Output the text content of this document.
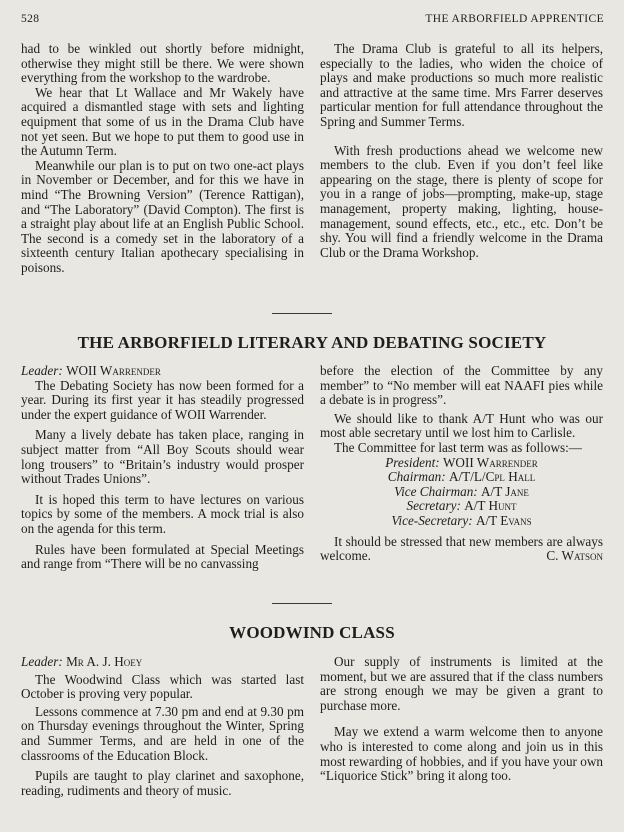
528	THE ARBORFIELD APPRENTICE

had to be winkled out shortly before midnight, otherwise they might still be there. We were shown everything from the workshop to the wardrobe.

We hear that Lt Wallace and Mr Wakely have acquired a dismantled stage with sets and lighting equipment that some of us in the Drama Club have not yet seen. But we hope to put them to good use in the Autumn Term.

Meanwhile our plan is to put on two one-act plays in November or December, and for this we have in mind “The Browning Version” (Terence Rattigan), and “The Laboratory” (David Compton). The first is a straight play about life at an English Public School. The second is a comedy set in the laboratory of a sixteenth century Italian apothecary specialising in poisons.

The Drama Club is grateful to all its helpers, especially to the ladies, who widen the choice of plays and make productions so much more realistic and attractive at the same time. Mrs Farrer deserves particular mention for full attendance throughout the Spring and Summer Terms.

With fresh productions ahead we welcome new members to the club. Even if you don’t feel like appearing on the stage, there is plenty of scope for you in a range of jobs—prompting, make-up, stage management, property making, lighting, house-management, sound effects, etc., etc., etc. Don’t be shy. You will find a friendly welcome in the Drama Club or the Drama Workshop.

THE ARBORFIELD LITERARY AND DEBATING SOCIETY

Leader: WOII Warrender

The Debating Society has now been formed for a year. During its first year it has steadily progressed under the expert guidance of WOII Warrender.

Many a lively debate has taken place, ranging in subject matter from “All Boy Scouts should wear long trousers” to “Britain’s industry would prosper without Trades Unions”.

It is hoped this term to have lectures on various topics by some of the members. A mock trial is also on the agenda for this term.

Rules have been formulated at Special Meetings and range from “There will be no canvassing

before the election of the Committee by any member” to “No member will eat NAAFI pies while a debate is in progress”.

We should like to thank A/T Hunt who was our most able secretary until we lost him to Carlisle.

The Committee for last term was as follows:—

President: WOII Warrender
Chairman: A/T/L/Cpl Hall
Vice Chairman: A/T Jane
Secretary: A/T Hunt
Vice-Secretary: A/T Evans

It should be stressed that new members are always welcome.	C. Watson

WOODWIND CLASS

Leader: Mr A. J. Hoey

The Woodwind Class which was started last October is proving very popular.

Lessons commence at 7.30 pm and end at 9.30 pm on Thursday evenings throughout the Winter, Spring and Summer Terms, and are held in one of the classrooms of the Education Block.

Pupils are taught to play clarinet and saxophone, reading, rudiments and theory of music.

Our supply of instruments is limited at the moment, but we are assured that if the class numbers are strong enough we may be given a grant to purchase more.

May we extend a warm welcome then to anyone who is interested to come along and join us in this most rewarding of hobbies, and if you have your own “Liquorice Stick” bring it along too.
